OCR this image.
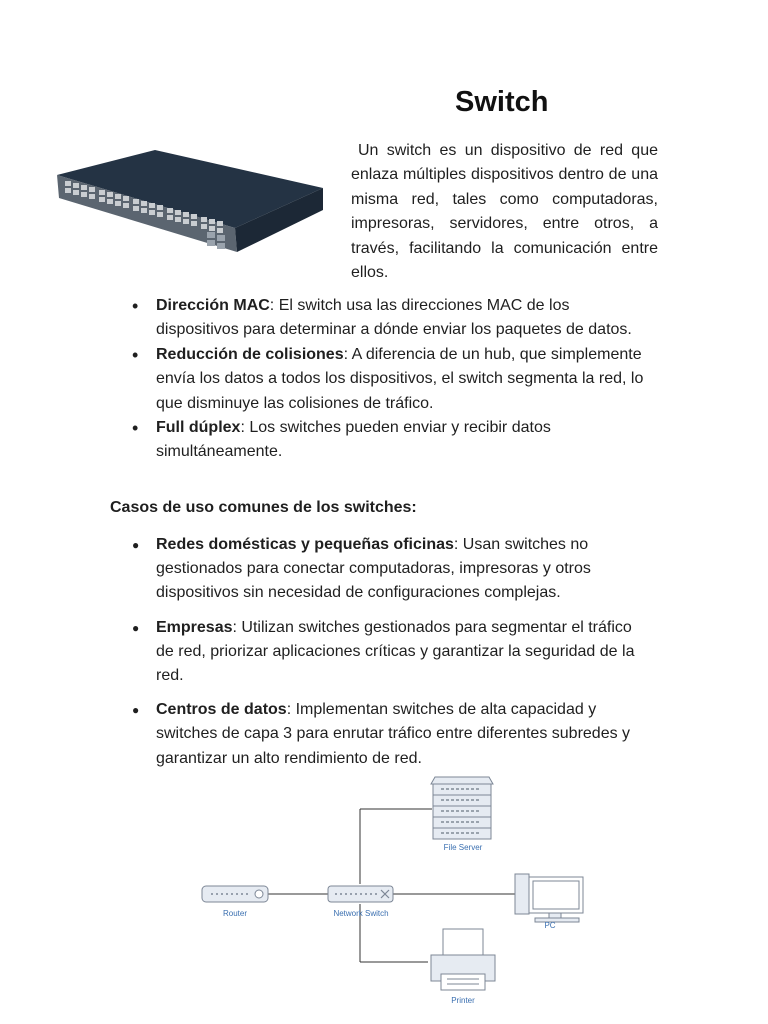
Switch
Un switch es un dispositivo de red que enlaza múltiples dispositivos dentro de una misma red, tales como computadoras, impresoras, servidores, entre otros, a través, facilitando la comunicación entre ellos.
• Dirección MAC: El switch usa las direcciones MAC de los dispositivos para determinar a dónde enviar los paquetes de datos.
• Reducción de colisiones: A diferencia de un hub, que simplemente envía los datos a todos los dispositivos, el switch segmenta la red, lo que disminuye las colisiones de tráfico.
• Full dúplex: Los switches pueden enviar y recibir datos simultáneamente.
Casos de uso comunes de los switches:
● Redes domésticas y pequeñas oficinas: Usan switches no gestionados para conectar computadoras, impresoras y otros dispositivos sin necesidad de configuraciones complejas.
● Empresas: Utilizan switches gestionados para segmentar el tráfico de red, priorizar aplicaciones críticas y garantizar la seguridad de la red.
● Centros de datos: Implementan switches de alta capacidad y switches de capa 3 para enrutar tráfico entre diferentes subredes y garantizar un alto rendimiento de red.
File Server
Router	Network Switch
PC
Printer
